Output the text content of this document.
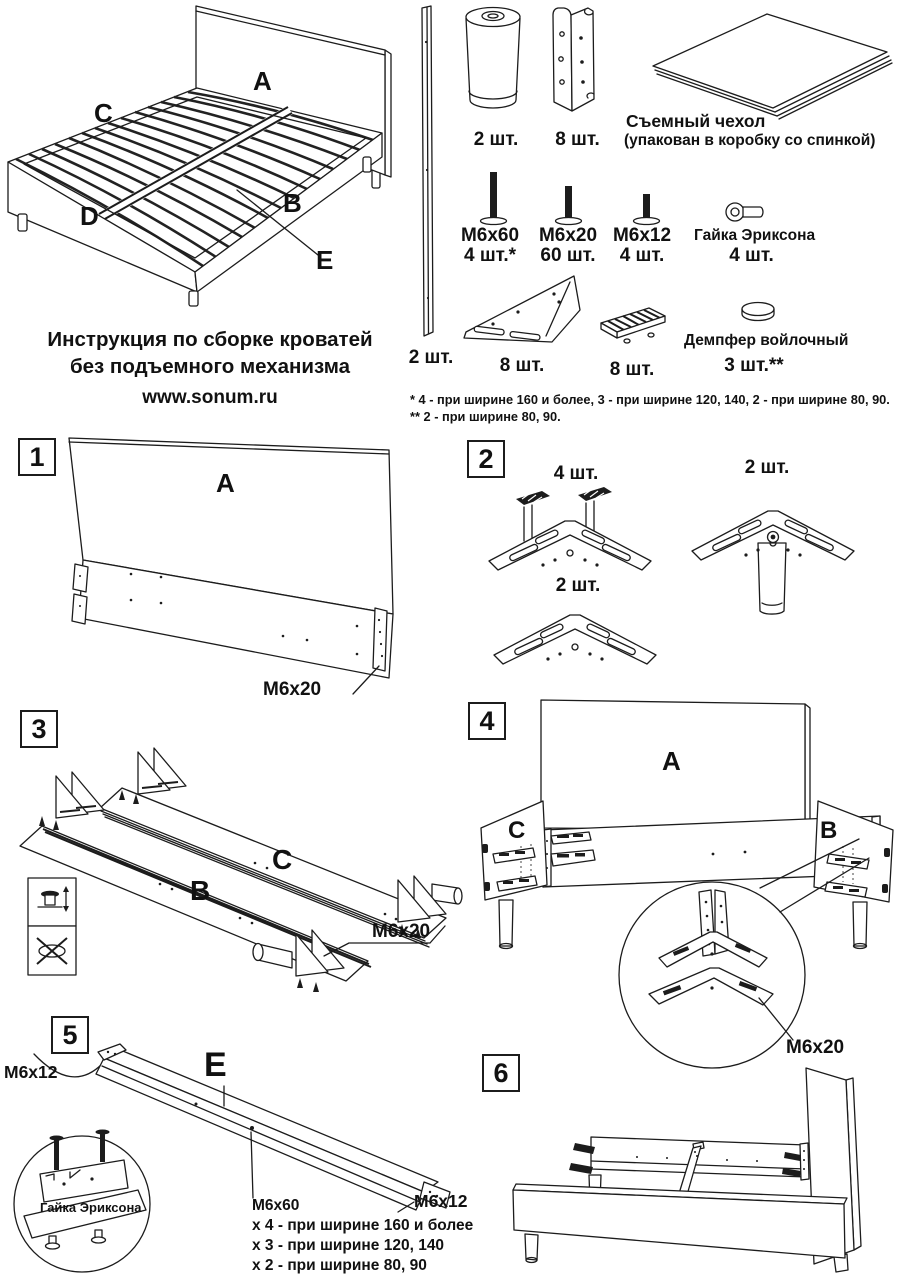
A
C
D	B
E
Инструкция по сборке кроватей
без подъемного механизма
www.sonum.ru
2 шт.
2 шт.	8 шт.
Съемный чехол
(упакован в коробку со спинкой)
М6х60
4 шт.*
М6х20
60 шт.
М6х12
4 шт.
Гайка Эриксона
4 шт.
8 шт.	8 шт.
Демпфер войлочный
3 шт.**
* 4 - при ширине 160 и более, 3 - при ширине 120, 140, 2 - при ширине 80, 90.
** 2 - при ширине 80, 90.
1
A
M6x20
2	4 шт.	2 шт.
2 шт.
3
C
B
M6x20
4
A
C	B
M6x20
5
M6x12	E
Гайка Эриксона	M6x60
x 4 - при ширине 160 и более
x 3 - при ширине 120, 140
x 2 - при ширине 80, 90
M6x12
6
